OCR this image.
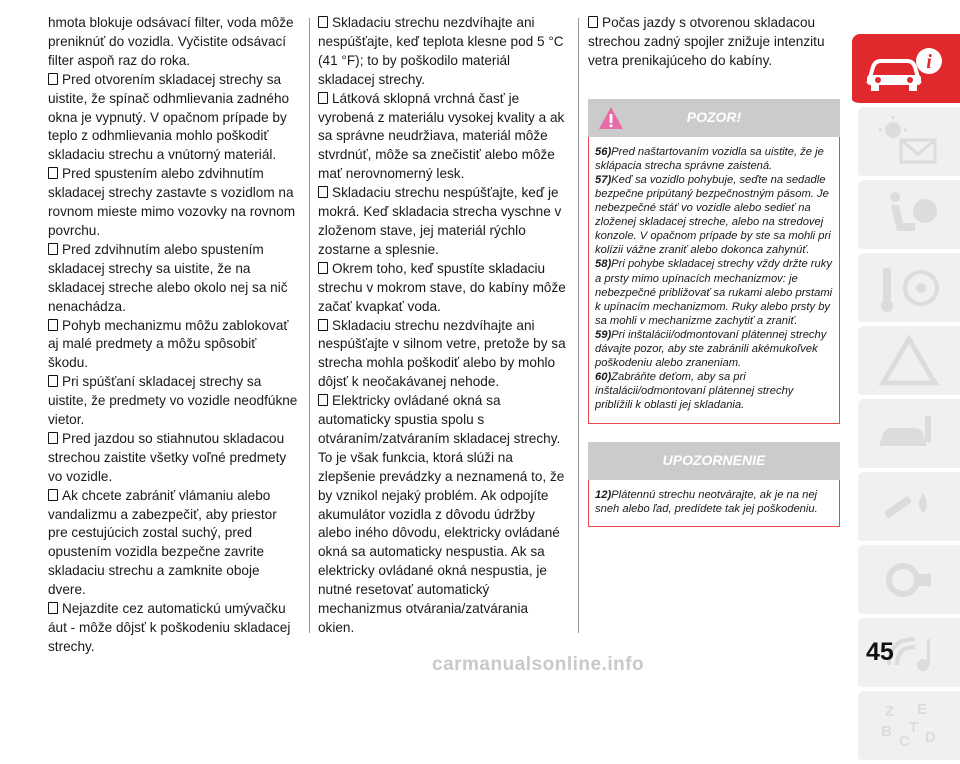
hmota blokuje odsávací filter, voda môže preniknúť do vozidla. Vyčistite odsávací filter aspoň raz do roka.

Pred otvorením skladacej strechy sa uistite, že spínač odhmlievania zadného okna je vypnutý. V opačnom prípade by teplo z odhmlievania mohlo poškodiť skladaciu strechu a vnútorný materiál.

Pred spustením alebo zdvihnutím skladacej strechy zastavte s vozidlom na rovnom mieste mimo vozovky na rovnom povrchu.

Pred zdvihnutím alebo spustením skladacej strechy sa uistite, že na skladacej streche alebo okolo nej sa nič nenachádza.

Pohyb mechanizmu môžu zablokovať aj malé predmety a môžu spôsobiť škodu.

Pri spúšťaní skladacej strechy sa uistite, že predmety vo vozidle neodfúkne vietor.

Pred jazdou so stiahnutou skladacou strechou zaistite všetky voľné predmety vo vozidle.

Ak chcete zabrániť vlámaniu alebo vandalizmu a zabezpečiť, aby priestor pre cestujúcich zostal suchý, pred opustením vozidla bezpečne zavrite skladaciu strechu a zamknite oboje dvere.

Nejazdite cez automatickú umývačku áut - môže dôjsť k poškodeniu skladacej strechy.

Skladaciu strechu nezdvíhajte ani nespúšťajte, keď teplota klesne pod 5 °C (41 °F); to by poškodilo materiál skladacej strechy.

Látková sklopná vrchná časť je vyrobená z materiálu vysokej kvality a ak sa správne neudržiava, materiál môže stvrdnúť, môže sa znečistiť alebo môže mať nerovnomerný lesk.

Skladaciu strechu nespúšťajte, keď je mokrá. Keď skladacia strecha vyschne v zloženom stave, jej materiál rýchlo zostarne a splesnie.

Okrem toho, keď spustíte skladaciu strechu v mokrom stave, do kabíny môže začať kvapkať voda.

Skladaciu strechu nezdvíhajte ani nespúšťajte v silnom vetre, pretože by sa strecha mohla poškodiť alebo by mohlo dôjsť k neočakávanej nehode.

Elektricky ovládané okná sa automaticky spustia spolu s otváraním/zatváraním skladacej strechy. To je však funkcia, ktorá slúži na zlepšenie prevádzky a neznamená to, že by vznikol nejaký problém. Ak odpojíte akumulátor vozidla z dôvodu údržby alebo iného dôvodu, elektricky ovládané okná sa automaticky nespustia. Ak sa elektricky ovládané okná nespustia, je nutné resetovať automatický mechanizmus otvárania/zatvárania okien.

Počas jazdy s otvorenou skladacou strechou zadný spojler znižuje intenzitu vetra prenikajúceho do kabíny.

POZOR!

56)Pred naštartovaním vozidla sa uistite, že je sklápacia strecha správne zaistená.

57)Keď sa vozidlo pohybuje, seďte na sedadle bezpečne pripútaný bezpečnostným pásom. Je nebezpečné stáť vo vozidle alebo sedieť na zloženej skladacej streche, alebo na stredovej konzole. V opačnom prípade by ste sa mohli pri kolízii vážne zraniť alebo dokonca zahynúť.

58)Pri pohybe skladacej strechy vždy držte ruky a prsty mimo upínacích mechanizmov: je nebezpečné približovať sa rukami alebo prstami k upínacím mechanizmom. Ruky alebo prsty by sa mohli v mechanizme zachytiť a zraniť.

59)Pri inštalácii/odmontovaní plátennej strechy dávajte pozor, aby ste zabránili akémukoľvek poškodeniu alebo zraneniam.

60)Zabráňte deťom, aby sa pri inštalácii/odmontovaní plátennej strechy priblížili k oblasti jej skladania.

UPOZORNENIE

12)Plátennú strechu neotvárajte, ak je na nej sneh alebo ľad, predídete tak jej poškodeniu.

i
Z E
B
C
T
D
45
carmanualsonline.info
